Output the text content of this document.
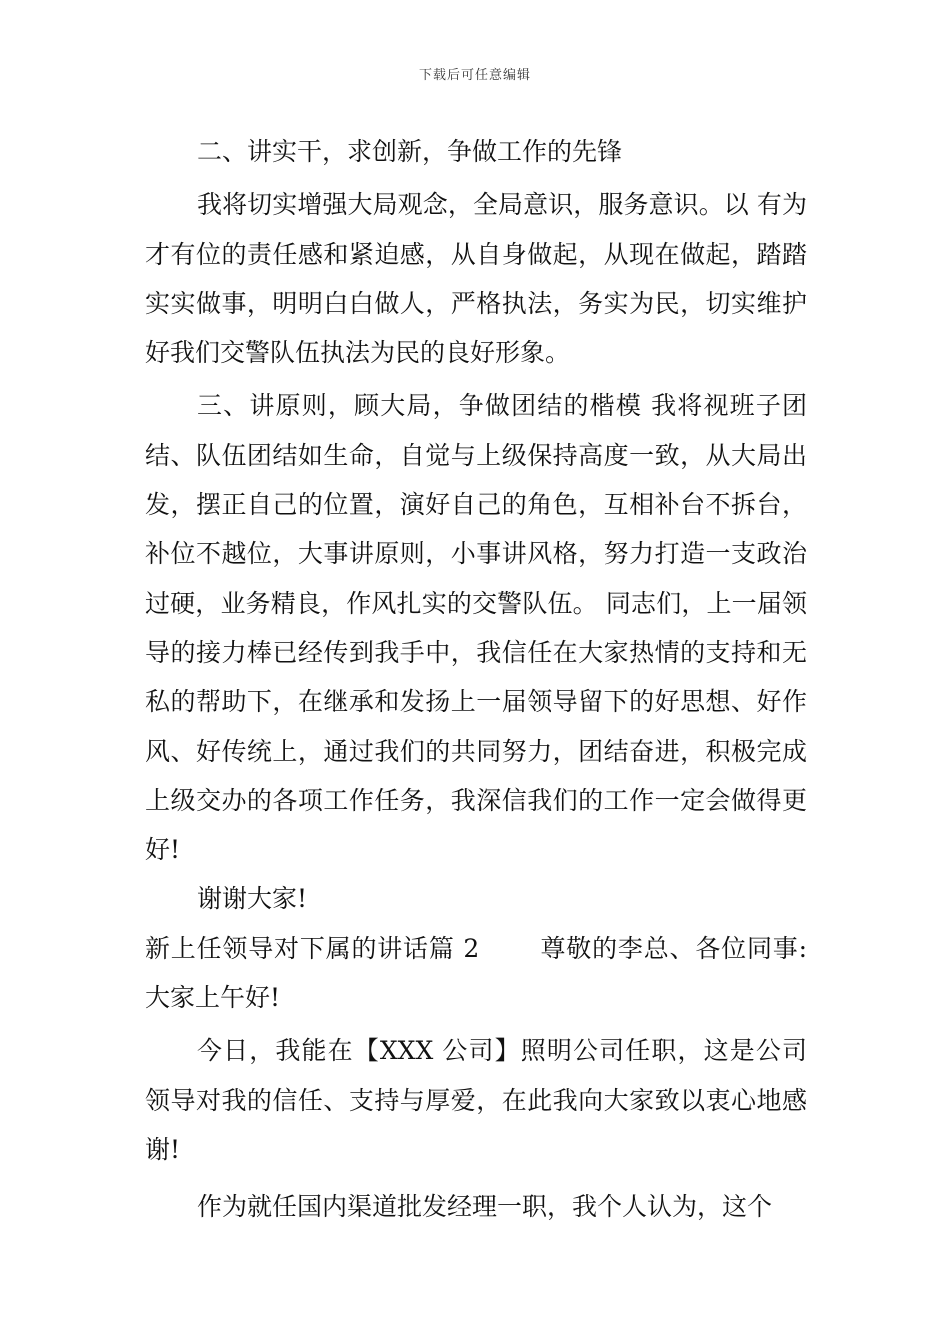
下载后可任意编辑

二、讲实干，求创新，争做工作的先锋

我将切实增强大局观念，全局意识，服务意识。以 有为才有位的责任感和紧迫感，从自身做起，从现在做起，踏踏实实做事，明明白白做人，严格执法，务实为民，切实维护好我们交警队伍执法为民的良好形象。

三、讲原则，顾大局，争做团结的楷模 我将视班子团结、队伍团结如生命，自觉与上级保持高度一致，从大局出发，摆正自己的位置，演好自己的角色，互相补台不拆台，补位不越位，大事讲原则，小事讲风格，努力打造一支政治过硬，业务精良，作风扎实的交警队伍。 同志们，上一届领导的接力棒已经传到我手中，我信任在大家热情的支持和无私的帮助下，在继承和发扬上一届领导留下的好思想、好作风、好传统上，通过我们的共同努力，团结奋进，积极完成上级交办的各项工作任务，我深信我们的工作一定会做得更好!

谢谢大家!

新上任领导对下属的讲话篇 2　　 尊敬的李总、各位同事:大家上午好!

今日，我能在【XXX 公司】照明公司任职，这是公司领导对我的信任、支持与厚爱，在此我向大家致以衷心地感谢!

作为就任国内渠道批发经理一职，我个人认为，这个
